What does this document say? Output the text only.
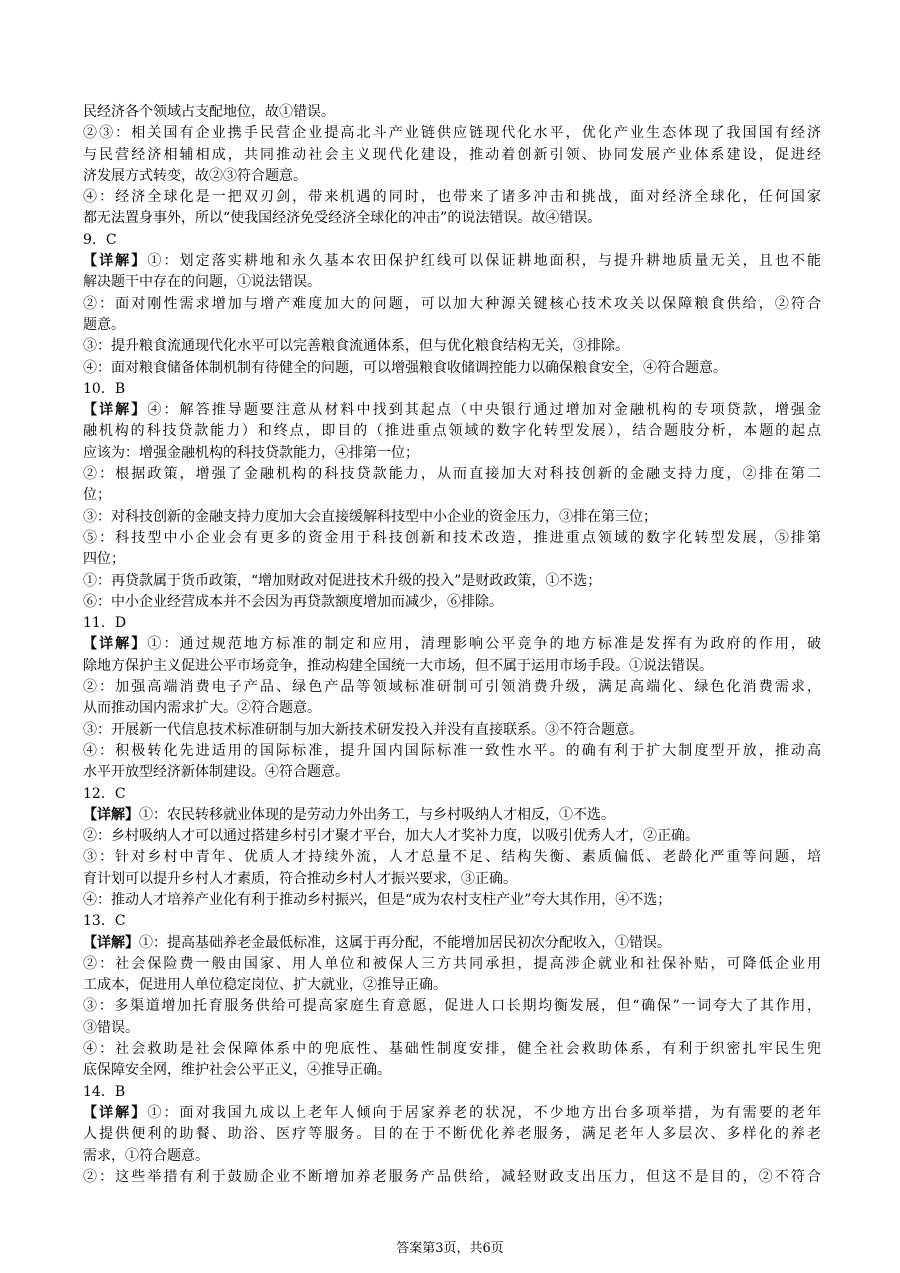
民经济各个领域占支配地位，故①错误。
②③：相关国有企业携手民营企业提高北斗产业链供应链现代化水平，优化产业生态体现了我国国有经济
与民营经济相辅相成，共同推动社会主义现代化建设，推动着创新引领、协同发展产业体系建设，促进经
济发展方式转变，故②③符合题意。
④：经济全球化是一把双刃剑，带来机遇的同时，也带来了诸多冲击和挑战，面对经济全球化，任何国家
都无法置身事外，所以“使我国经济免受经济全球化的冲击”的说法错误。故④错误。
9．C
【详解】①：划定落实耕地和永久基本农田保护红线可以保证耕地面积，与提升耕地质量无关，且也不能
解决题干中存在的问题，①说法错误。
②：面对刚性需求增加与增产难度加大的问题，可以加大种源关键核心技术攻关以保障粮食供给，②符合
题意。
③：提升粮食流通现代化水平可以完善粮食流通体系，但与优化粮食结构无关，③排除。
④：面对粮食储备体制机制有待健全的问题，可以增强粮食收储调控能力以确保粮食安全，④符合题意。
10．B
【详解】④：解答推导题要注意从材料中找到其起点（中央银行通过增加对金融机构的专项贷款，增强金
融机构的科技贷款能力）和终点，即目的（推进重点领域的数字化转型发展），结合题肢分析，本题的起点
应该为：增强金融机构的科技贷款能力，④排第一位；
②：根据政策，增强了金融机构的科技贷款能力，从而直接加大对科技创新的金融支持力度，②排在第二
位；
③：对科技创新的金融支持力度加大会直接缓解科技型中小企业的资金压力，③排在第三位；
⑤：科技型中小企业会有更多的资金用于科技创新和技术改造，推进重点领域的数字化转型发展，⑤排第
四位；
①：再贷款属于货币政策，“增加财政对促进技术升级的投入”是财政政策，①不选；
⑥：中小企业经营成本并不会因为再贷款额度增加而减少，⑥排除。
11．D
【详解】①：通过规范地方标准的制定和应用，清理影响公平竞争的地方标准是发挥有为政府的作用，破
除地方保护主义促进公平市场竞争，推动构建全国统一大市场，但不属于运用市场手段。①说法错误。
②：加强高端消费电子产品、绿色产品等领域标准研制可引领消费升级，满足高端化、绿色化消费需求，
从而推动国内需求扩大。②符合题意。
③：开展新一代信息技术标准研制与加大新技术研发投入并没有直接联系。③不符合题意。
④：积极转化先进适用的国际标准，提升国内国际标准一致性水平。的确有利于扩大制度型开放，推动高
水平开放型经济新体制建设。④符合题意。
12．C
【详解】①：农民转移就业体现的是劳动力外出务工，与乡村吸纳人才相反，①不选。
②：乡村吸纳人才可以通过搭建乡村引才聚才平台，加大人才奖补力度，以吸引优秀人才，②正确。
③：针对乡村中青年、优质人才持续外流，人才总量不足、结构失衡、素质偏低、老龄化严重等问题，培
育计划可以提升乡村人才素质，符合推动乡村人才振兴要求，③正确。
④：推动人才培养产业化有利于推动乡村振兴，但是“成为农村支柱产业”夸大其作用，④不选；
13．C
【详解】①：提高基础养老金最低标准，这属于再分配，不能增加居民初次分配收入，①错误。
②：社会保险费一般由国家、用人单位和被保人三方共同承担，提高涉企就业和社保补贴，可降低企业用
工成本，促进用人单位稳定岗位、扩大就业，②推导正确。
③：多渠道增加托育服务供给可提高家庭生育意愿，促进人口长期均衡发展，但“确保”一词夸大了其作用，
③错误。
④：社会救助是社会保障体系中的兜底性、基础性制度安排，健全社会救助体系，有利于织密扎牢民生兜
底保障安全网，维护社会公平正义，④推导正确。
14．B
【详解】①：面对我国九成以上老年人倾向于居家养老的状况，不少地方出台多项举措，为有需要的老年
人提供便利的助餐、助浴、医疗等服务。目的在于不断优化养老服务，满足老年人多层次、多样化的养老
需求，①符合题意。
②：这些举措有利于鼓励企业不断增加养老服务产品供给，减轻财政支出压力，但这不是目的，②不符合
答案第3页，共6页
